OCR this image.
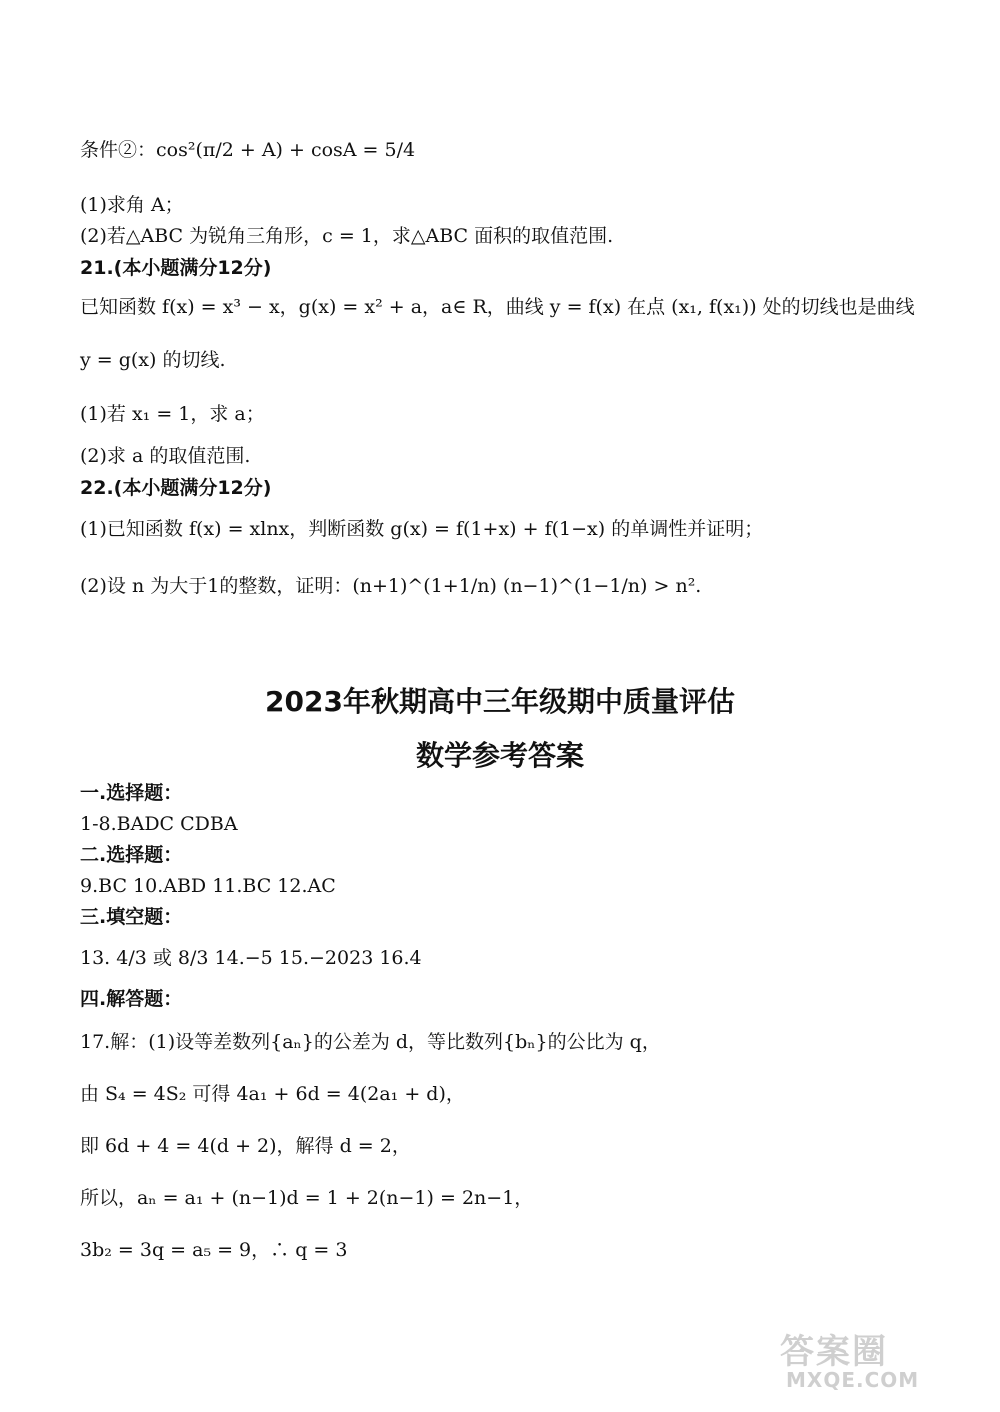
条件②：cos²(π/2 + A) + cosA = 5/4
(1)求角 A；
(2)若△ABC 为锐角三角形，c = 1，求△ABC 面积的取值范围.
21.(本小题满分12分)
已知函数 f(x) = x³ − x，g(x) = x² + a，a∈ R，曲线 y = f(x) 在点 (x₁, f(x₁)) 处的切线也是曲线
y = g(x) 的切线.
(1)若 x₁ = 1，求 a；
(2)求 a 的取值范围.
22.(本小题满分12分)
(1)已知函数 f(x) = xlnx，判断函数 g(x) = f(1+x) + f(1−x) 的单调性并证明；
(2)设 n 为大于1的整数，证明：(n+1)^(1+1/n) (n−1)^(1−1/n) > n².
2023年秋期高中三年级期中质量评估
数学参考答案
一.选择题：
1-8.BADC CDBA
二.选择题：
9.BC 10.ABD 11.BC 12.AC
三.填空题：
13. 4/3 或 8/3 14.−5 15.−2023 16.4
四.解答题：
17.解：(1)设等差数列{aₙ}的公差为 d，等比数列{bₙ}的公比为 q，
由 S₄ = 4S₂ 可得 4a₁ + 6d = 4(2a₁ + d)，
即 6d + 4 = 4(d + 2)，解得 d = 2，
所以，aₙ = a₁ + (n−1)d = 1 + 2(n−1) = 2n−1，
3b₂ = 3q = a₅ = 9，∴ q = 3
答案圈
MXQE.COM
